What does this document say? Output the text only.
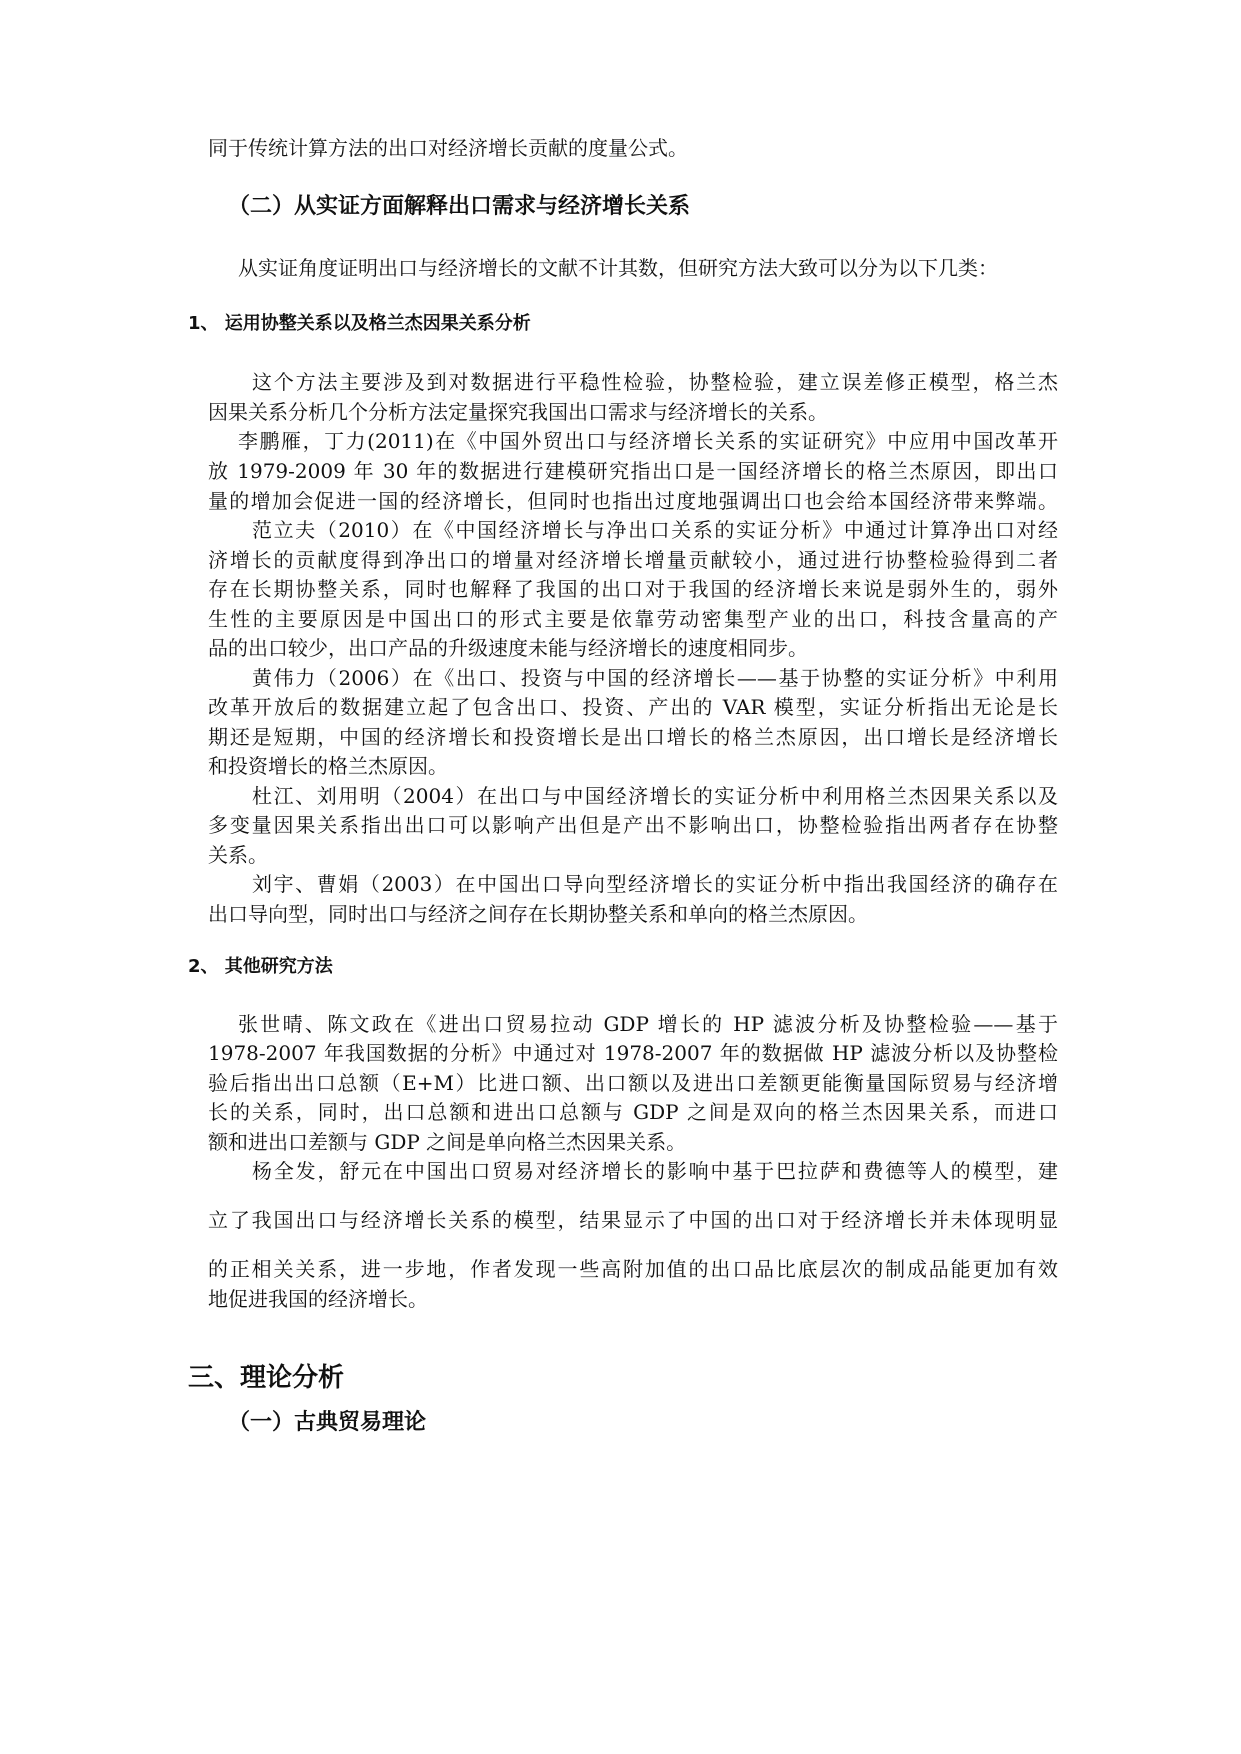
同于传统计算方法的出口对经济增长贡献的度量公式。
（二）从实证方面解释出口需求与经济增长关系
从实证角度证明出口与经济增长的文献不计其数，但研究方法大致可以分为以下几类：
1、 运用协整关系以及格兰杰因果关系分析
这个方法主要涉及到对数据进行平稳性检验，协整检验，建立误差修正模型，格兰杰
因果关系分析几个分析方法定量探究我国出口需求与经济增长的关系。
李鹏雁，丁力(2011)在《中国外贸出口与经济增长关系的实证研究》中应用中国改革开
放 1979-2009 年 30 年的数据进行建模研究指出口是一国经济增长的格兰杰原因，即出口
量的增加会促进一国的经济增长，但同时也指出过度地强调出口也会给本国经济带来弊端。
范立夫（2010）在《中国经济增长与净出口关系的实证分析》中通过计算净出口对经
济增长的贡献度得到净出口的增量对经济增长增量贡献较小，通过进行协整检验得到二者
存在长期协整关系，同时也解释了我国的出口对于我国的经济增长来说是弱外生的，弱外
生性的主要原因是中国出口的形式主要是依靠劳动密集型产业的出口，科技含量高的产
品的出口较少，出口产品的升级速度未能与经济增长的速度相同步。
黄伟力（2006）在《出口、投资与中国的经济增长——基于协整的实证分析》中利用
改革开放后的数据建立起了包含出口、投资、产出的 VAR 模型，实证分析指出无论是长
期还是短期，中国的经济增长和投资增长是出口增长的格兰杰原因，出口增长是经济增长
和投资增长的格兰杰原因。
杜江、刘用明（2004）在出口与中国经济增长的实证分析中利用格兰杰因果关系以及
多变量因果关系指出出口可以影响产出但是产出不影响出口，协整检验指出两者存在协整
关系。
刘宇、曹娟（2003）在中国出口导向型经济增长的实证分析中指出我国经济的确存在
出口导向型，同时出口与经济之间存在长期协整关系和单向的格兰杰原因。
2、 其他研究方法
张世晴、陈文政在《进出口贸易拉动 GDP 增长的 HP 滤波分析及协整检验——基于
1978-2007 年我国数据的分析》中通过对 1978-2007 年的数据做 HP 滤波分析以及协整检
验后指出出口总额（E+M）比进口额、出口额以及进出口差额更能衡量国际贸易与经济增
长的关系，同时，出口总额和进出口总额与 GDP 之间是双向的格兰杰因果关系，而进口
额和进出口差额与 GDP 之间是单向格兰杰因果关系。
杨全发，舒元在中国出口贸易对经济增长的影响中基于巴拉萨和费德等人的模型，建
立了我国出口与经济增长关系的模型，结果显示了中国的出口对于经济增长并未体现明显
的正相关关系，进一步地，作者发现一些高附加值的出口品比底层次的制成品能更加有效
地促进我国的经济增长。
三、理论分析
（一）古典贸易理论
